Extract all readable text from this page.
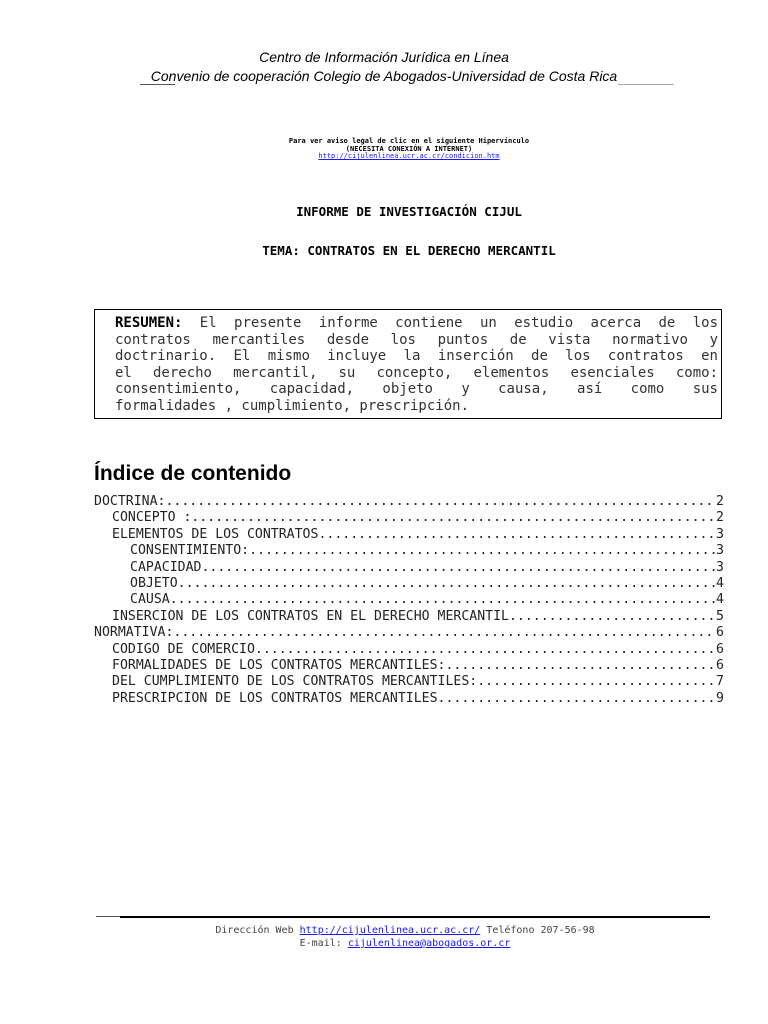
Centro de Información Jurídica en Línea
Convenio de cooperación Colegio de Abogados-Universidad de Costa Rica
Para ver aviso legal de clic en el siguiente Hipervínculo
(NECESITA CONEXIÓN A INTERNET)
http://cijulenlinea.ucr.ac.cr/condicion.htm
INFORME DE INVESTIGACIÓN CIJUL
TEMA: CONTRATOS EN EL DERECHO MERCANTIL
RESUMEN: El presente informe contiene un estudio acerca de los
contratos mercantiles desde los puntos de vista normativo y
doctrinario. El mismo incluye la inserción de los contratos en
el derecho mercantil, su concepto, elementos esenciales como:
consentimiento, capacidad, objeto y causa, así como sus
formalidades , cumplimiento, prescripción.
Índice de contenido
DOCTRINA: .....	2
CONCEPTO : .....	2
ELEMENTOS DE LOS CONTRATOS .....	3
CONSENTIMIENTO: .....	3
CAPACIDAD .....	3
OBJETO .....	4
CAUSA .....	4
INSERCIÓN DE LOS CONTRATOS EN EL DERECHO MERCANTIL .....	5
NORMATIVA: .....	6
CÓDIGO DE COMERCIO .....	6
FORMALIDADES DE LOS CONTRATOS MERCANTILES: .....	6
DEL CUMPLIMIENTO DE LOS CONTRATOS MERCANTILES: .....	7
PRESCRIPCIÓN DE LOS CONTRATOS MERCANTILES .....	9
Dirección Web http://cijulenlinea.ucr.ac.cr/ Teléfono 207-56-98
E-mail: cijulenlinea@abogados.or.cr
